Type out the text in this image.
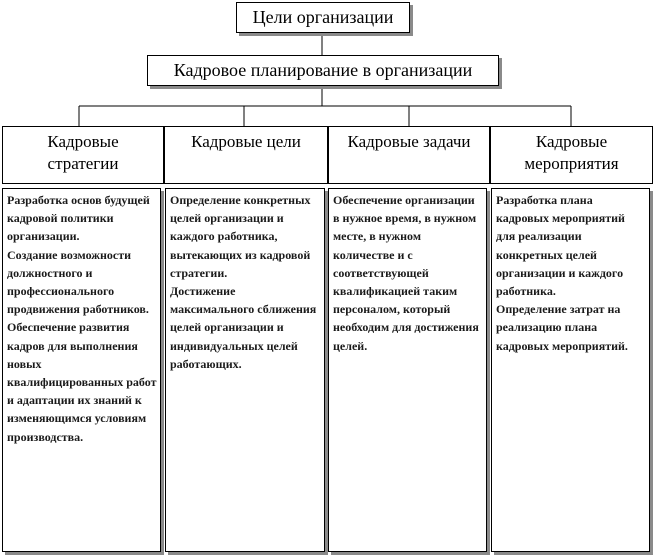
Цели организации
Кадровое планирование в организации
Кадровые стратегии
Кадровые цели	Кадровые задачи	Кадровые мероприятия

Разработка основ будущей кадровой политики организации.

Создание возможности должностного и профессионального продвижения работников.

Обеспечение развития кадров для выполнения новых квалифицированных работ и адаптации их знаний к изменяющимся условиям производства.

Определение конкретных целей организации и каждого работника, вытекающих из кадровой стратегии.

Достижение максимального сближения целей организации и индивидуальных целей работающих.

Обеспечение организации в нужное время, в нужном месте, в нужном количестве и с соответствующей квалификацией таким персоналом, который необходим для достижения целей.

Разработка плана кадровых мероприятий для реализации конкретных целей организации и каждого работника.

Определение затрат на реализацию плана кадровых мероприятий.
